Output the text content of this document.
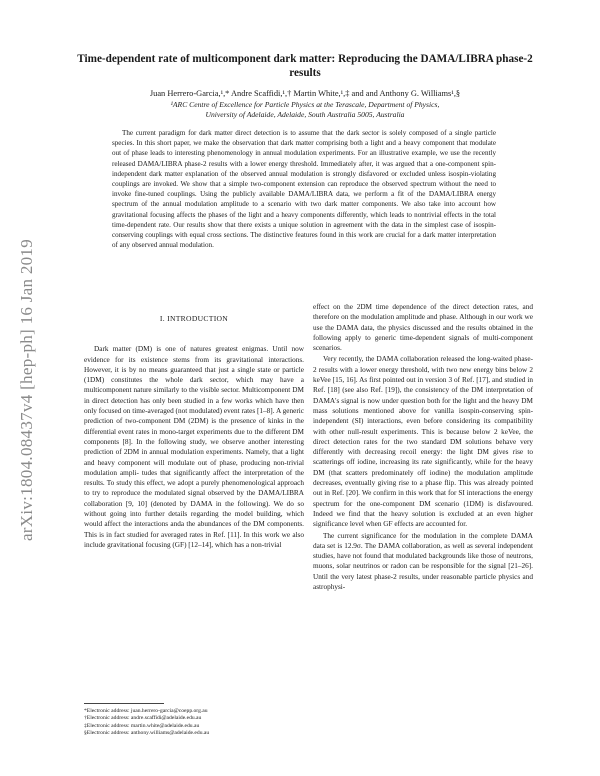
arXiv:1804.08437v4 [hep-ph] 16 Jan 2019
Time-dependent rate of multicomponent dark matter: Reproducing the DAMA/LIBRA phase-2 results
Juan Herrero-Garcia,¹,* Andre Scaffidi,¹,† Martin White,¹,‡ and and Anthony G. Williams¹,§
¹ARC Centre of Excellence for Particle Physics at the Terascale, Department of Physics,
University of Adelaide, Adelaide, South Australia 5005, Australia

The current paradigm for dark matter direct detection is to assume that the dark sector is solely composed of a single particle species. In this short paper, we make the observation that dark matter comprising both a light and a heavy component that modulate out of phase leads to interesting phenomenology in annual modulation experiments. For an illustrative example, we use the recently released DAMA/LIBRA phase-2 results with a lower energy threshold. Immediately after, it was argued that a one-component spin- independent dark matter explanation of the observed annual modulation is strongly disfavored or excluded unless isospin-violating couplings are invoked. We show that a simple two-component extension can reproduce the observed spectrum without the need to invoke fine-tuned couplings. Using the publicly available DAMA/LIBRA data, we perform a fit of the DAMA/LIBRA energy spectrum of the annual modulation amplitude to a scenario with two dark matter components. We also take into account how gravitational focusing affects the phases of the light and a heavy components differently, which leads to nontrivial effects in the total time-dependent rate. Our results show that there exists a unique solution in agreement with the data in the simplest case of isospin-conserving couplings with equal cross sections. The distinctive features found in this work are crucial for a dark matter interpretation of any observed annual modulation.

I. INTRODUCTION

Dark matter (DM) is one of natures greatest enigmas. Until now evidence for its existence stems from its gravitational interactions. However, it is by no means guaranteed that just a single state or particle (1DM) constitutes the whole dark sector, which may have a multicomponent nature similarly to the visible sector. Multicomponent DM in direct detection has only been studied in a few works which have then only focused on time-averaged (not modulated) event rates [1–8]. A generic prediction of two-component DM (2DM) is the presence of kinks in the differential event rates in mono-target experiments due to the different DM components [8]. In the following study, we observe another interesting prediction of 2DM in annual modulation experiments. Namely, that a light and heavy component will modulate out of phase, producing non-trivial modulation ampli- tudes that significantly affect the interpretation of the results. To study this effect, we adopt a purely phenomenological approach to try to reproduce the modulated signal observed by the DAMA/LIBRA collaboration [9, 10] (denoted by DAMA in the following). We do so without going into further details regarding the model building, which would affect the interactions anda the abundances of the DM components. This is in fact studied for averaged rates in Ref. [11]. In this work we also include gravitational focusing (GF) [12–14], which has a non-trivial

effect on the 2DM time dependence of the direct detection rates, and therefore on the modulation amplitude and phase. Although in our work we use the DAMA data, the physics discussed and the results obtained in the following apply to generic time-dependent signals of multi-component scenarios.

Very recently, the DAMA collaboration released the long-waited phase-2 results with a lower energy threshold, with two new energy bins below 2 keVee [15, 16]. As first pointed out in version 3 of Ref. [17], and studied in Ref. [18] (see also Ref. [19]), the consistency of the DM interpretation of DAMA's signal is now under question both for the light and the heavy DM mass solutions mentioned above for vanilla isospin-conserving spin-independent (SI) interactions, even before considering its compatibility with other null-result experiments. This is because below 2 keVee, the direct detection rates for the two standard DM solutions behave very differently with decreasing recoil energy: the light DM gives rise to scatterings off iodine, increasing its rate significantly, while for the heavy DM (that scatters predominately off iodine) the modulation amplitude decreases, eventually giving rise to a phase flip. This was already pointed out in Ref. [20]. We confirm in this work that for SI interactions the energy spectrum for the one-component DM scenario (1DM) is disfavoured. Indeed we find that the heavy solution is excluded at an even higher significance level when GF effects are accounted for.

The current significance for the modulation in the complete DAMA data set is 12.9σ. The DAMA collaboration, as well as several independent studies, have not found that modulated backgrounds like those of neutrons, muons, solar neutrinos or radon can be responsible for the signal [21–26]. Until the very latest phase-2 results, under reasonable particle physics and astrophysi-

*Electronic address: juan.herrero-garcia@coepp.org.au
†Electronic address: andre.scaffidi@adelaide.edu.au
‡Electronic address: martin.white@adelaide.edu.au
§Electronic address: anthony.williams@adelaide.edu.au
